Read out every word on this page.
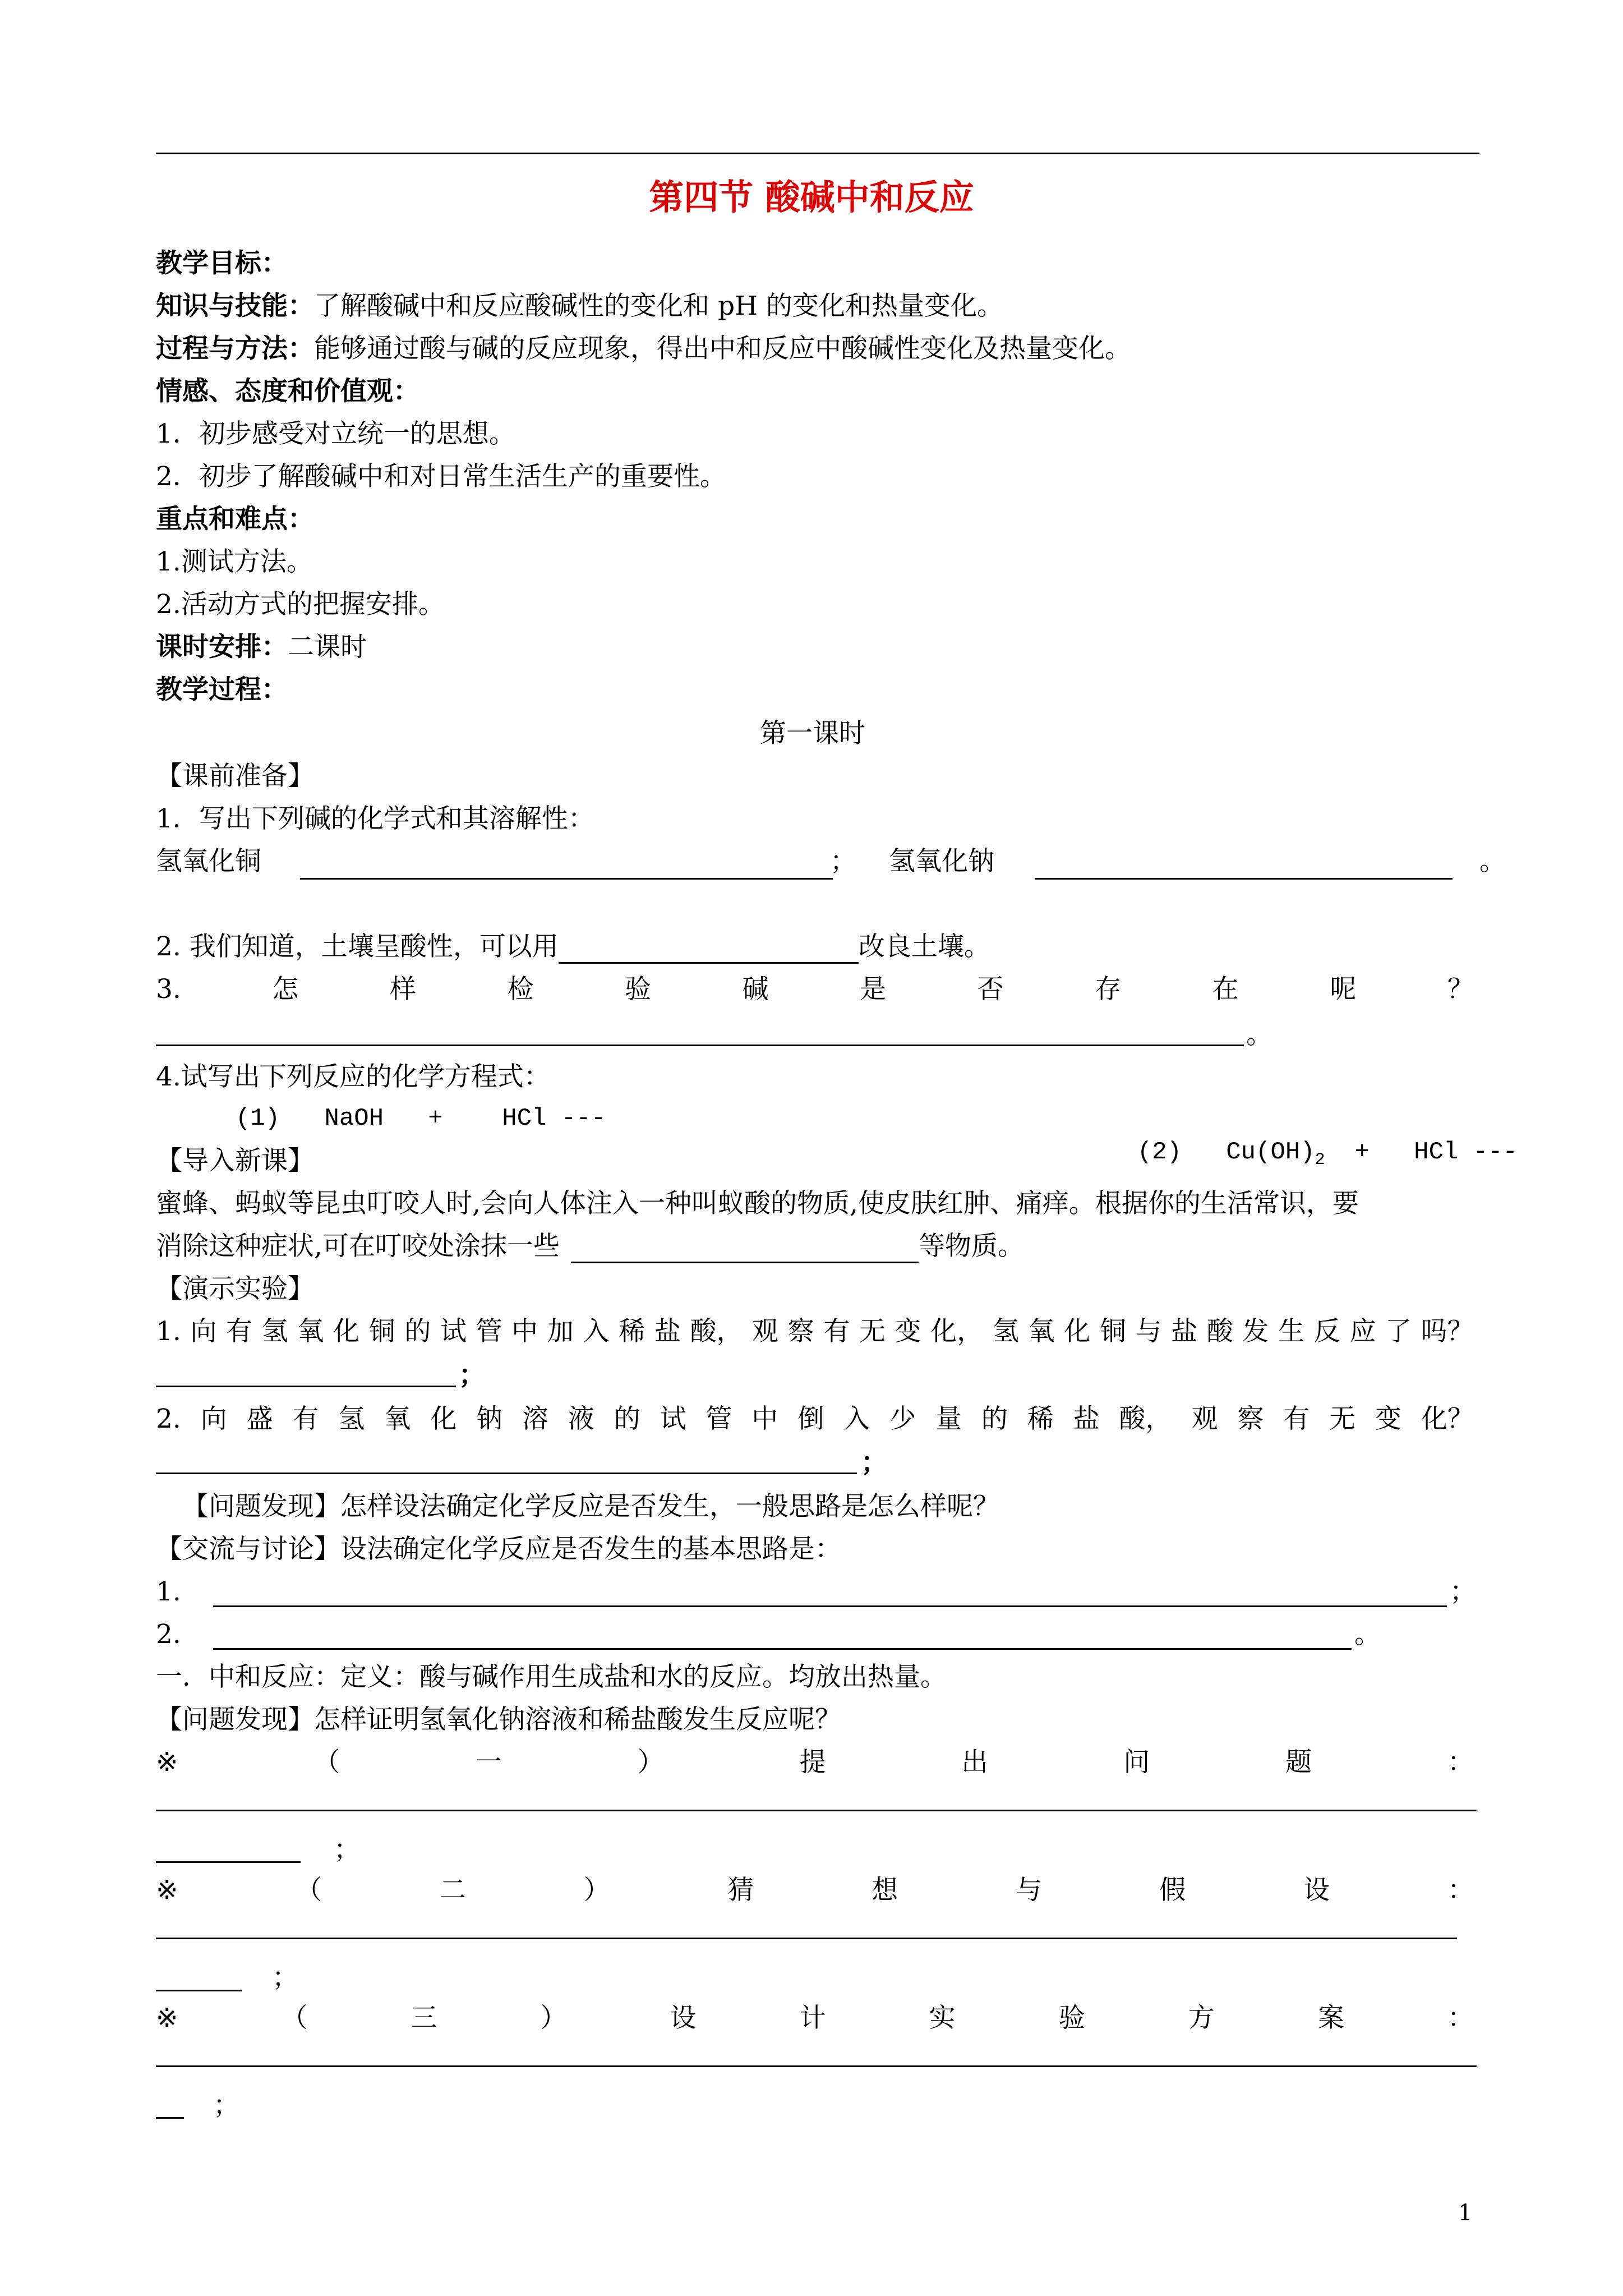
第四节 酸碱中和反应
教学目标：
知识与技能：了解酸碱中和反应酸碱性的变化和 pH 的变化和热量变化。
过程与方法：能够通过酸与碱的反应现象，得出中和反应中酸碱性变化及热量变化。
情感、态度和价值观：
1．初步感受对立统一的思想。
2．初步了解酸碱中和对日常生活生产的重要性。
重点和难点：
1.测试方法。
2.活动方式的把握安排。
课时安排：二课时
教学过程：
第一课时
【课前准备】
1．写出下列碱的化学式和其溶解性：
氢氧化铜	； 氢氧化钠	。
2. 我们知道，土壤呈酸性，可以用	改良土壤。
3.	怎	样	检	验	碱	是	否	存	在	呢	？
。
4.试写出下列反应的化学方程式：
(1)   NaOH   +    HCl ---

(2)   $Cu(OH)_2$  +   HCl ---

【导入新课】
蜜蜂、蚂蚁等昆虫叮咬人时,会向人体注入一种叫蚁酸的物质,使皮肤红肿、痛痒。根据你的生活常识，要
消除这种症状,可在叮咬处涂抹一些	等物质。
【演示实验】
1. 向 有 氢 氧 化 铜 的 试 管 中 加 入 稀 盐 酸， 观 察 有 无 变 化， 氢 氧 化 铜 与 盐 酸 发 生 反 应 了 吗？
；
2. 向 盛 有 氢 氧 化 钠 溶 液 的 试 管 中 倒 入 少 量 的 稀 盐 酸， 观 察 有 无 变 化？
；
【问题发现】怎样设法确定化学反应是否发生，一般思路是怎么样呢？
【交流与讨论】设法确定化学反应是否发生的基本思路是：
1.	；
2.	。
一．中和反应：定义：酸与碱作用生成盐和水的反应。均放出热量。
【问题发现】怎样证明氢氧化钠溶液和稀盐酸发生反应呢？
※	（	一	）	提	出	问	题	：
；
※	（	二	）	猜	想	与	假	设	：
；
※	（	三	）	设	计	实	验	方	案	：
；
1
